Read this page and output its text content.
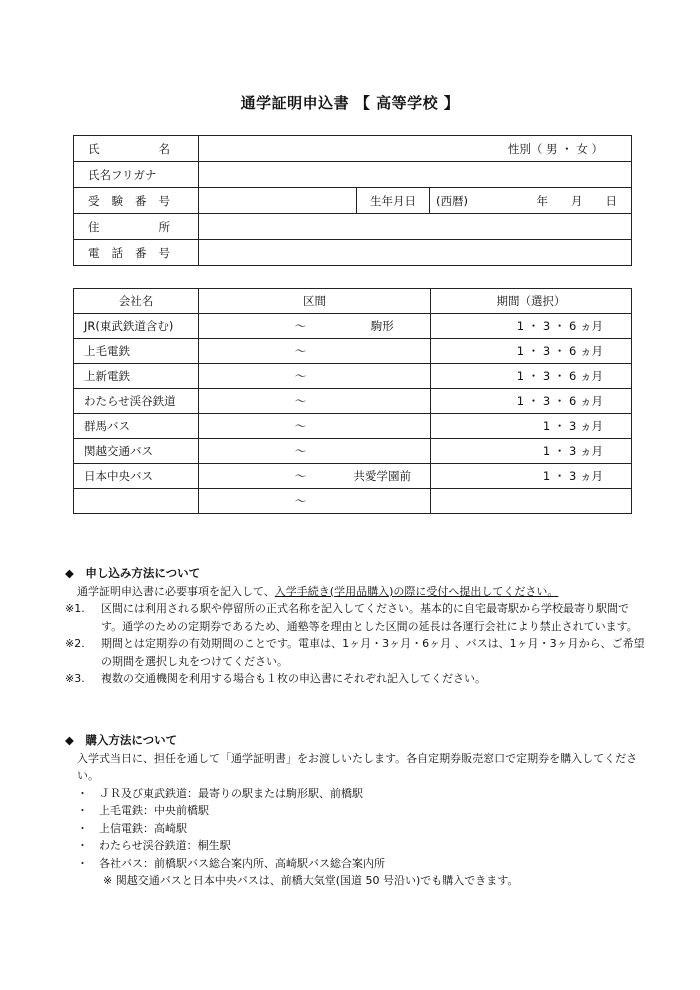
通学証明申込書 【 高等学校 】
氏名	性別（ 男 ・ 女 ）		
氏名フリガナ			
受験番号		生年月日	(西暦) 年　　月　　日

住所			
電話番号			
会社名	区間			期間（選択）
JR(東武鉄道含む)		～	駒形	1 ・ 3 ・ 6 ヵ月
上毛電鉄		～		1 ・ 3 ・ 6 ヵ月
上新電鉄		～		1 ・ 3 ・ 6 ヵ月
わたらせ渓谷鉄道		～		1 ・ 3 ・ 6 ヵ月
群馬バス		～		1 ・ 3 ヵ月
関越交通バス		～		1 ・ 3 ヵ月
日本中央バス		～	共愛学園前	1 ・ 3 ヵ月
		～		

◆　申し込み方法について

通学証明申込書に必要事項を記入して、入学手続き(学用品購入)の際に受付へ提出してください。

※1.	区間には利用される駅や停留所の正式名称を記入してください。基本的に自宅最寄駅から学校最寄り駅間です。通学のための定期券であるため、通塾等を理由とした区間の延長は各運行会社により禁止されています。
※2.	期間とは定期券の有効期間のことです。電車は、1ヶ月・3ヶ月・6ヶ月 、バスは、1ヶ月・3ヶ月から、ご希望の期間を選択し丸をつけてください。
※3.	複数の交通機関を利用する場合も１枚の申込書にそれぞれ記入してください。

◆　購入方法について

入学式当日に、担任を通して「通学証明書」をお渡しいたします。各自定期券販売窓口で定期券を購入してください。

・	ＪＲ及び東武鉄道：最寄りの駅または駒形駅、前橋駅
・	上毛電鉄：中央前橋駅
・	上信電鉄：高崎駅
・	わたらせ渓谷鉄道：桐生駅
・	各社バス：前橋駅バス総合案内所、高崎駅バス総合案内所

※ 関越交通バスと日本中央バスは、前橋大気堂(国道 50 号沿い)でも購入できます。
